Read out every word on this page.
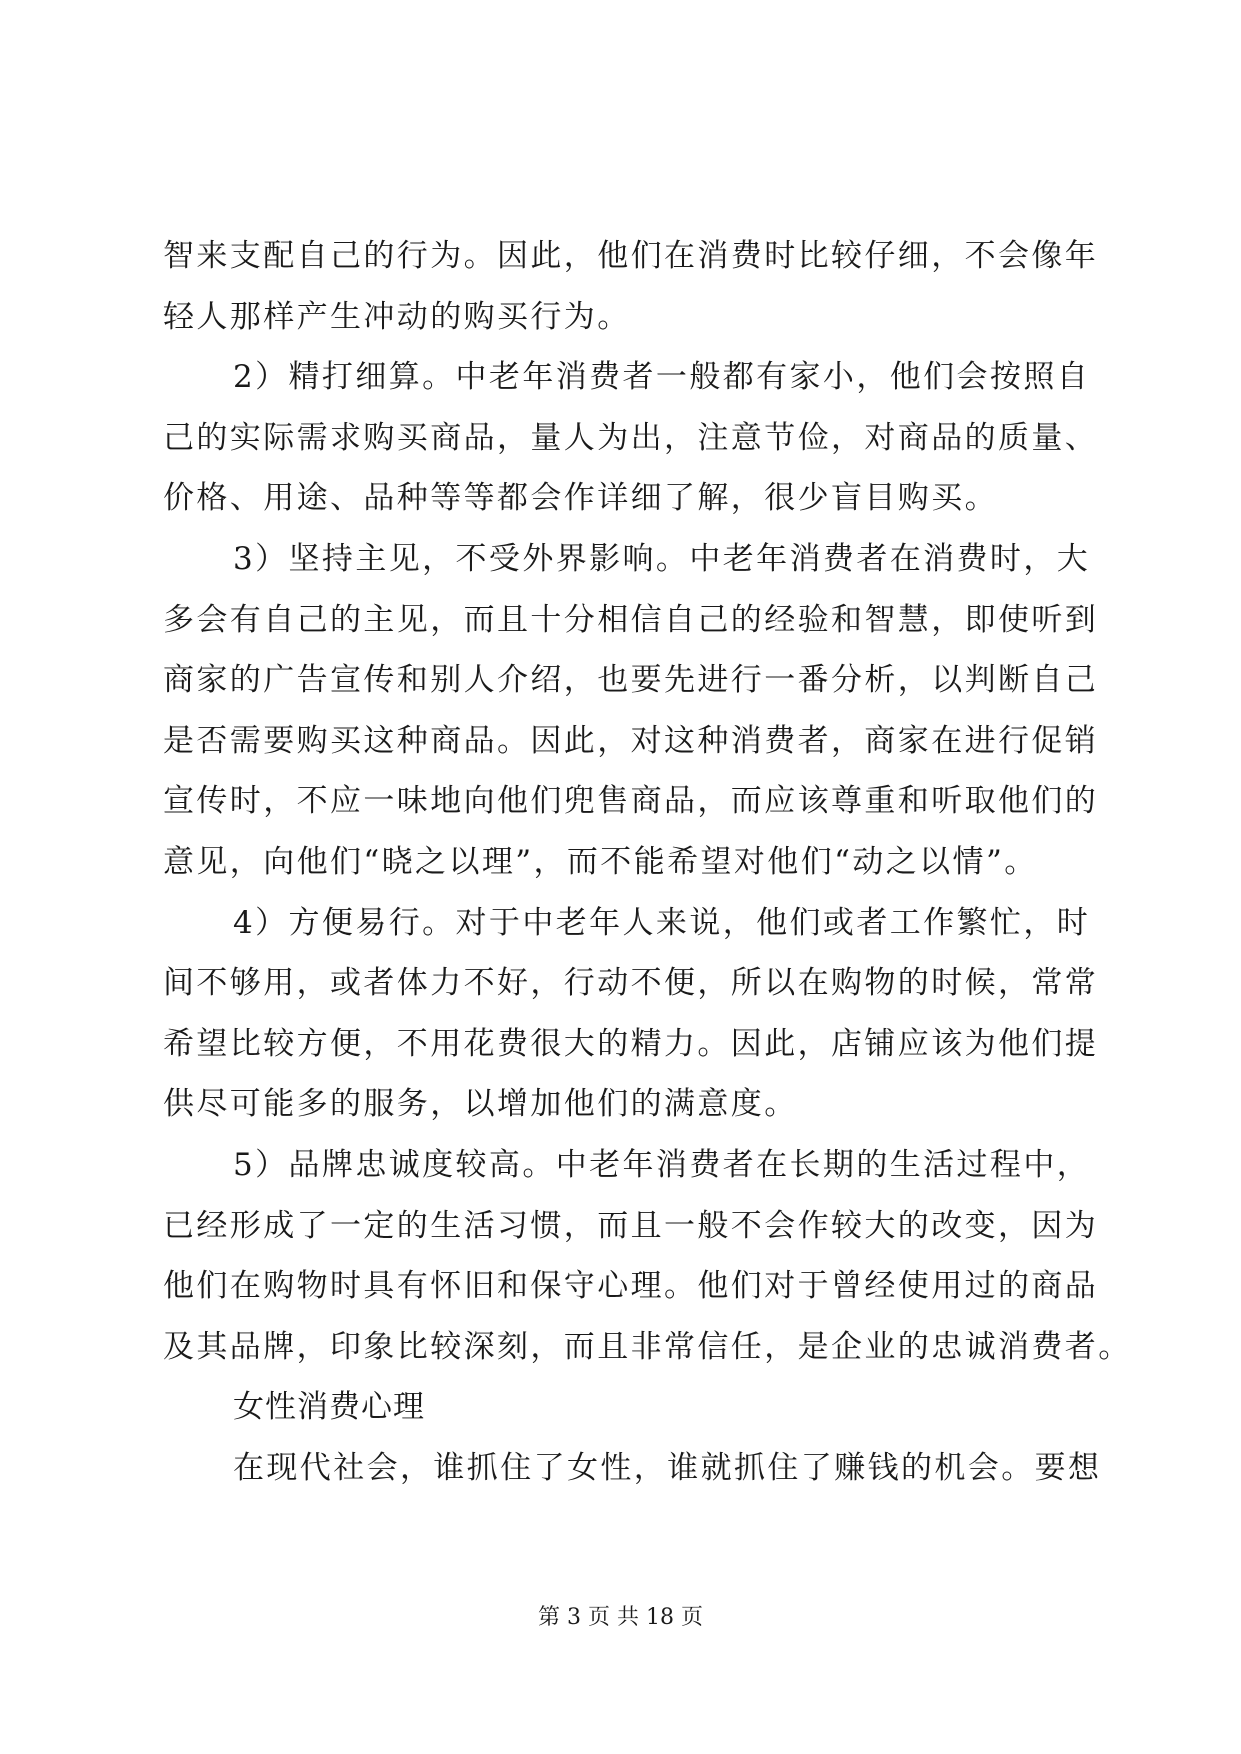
智来支配自己的行为。因此，他们在消费时比较仔细，不会像年
轻人那样产生冲动的购买行为。
2）精打细算。中老年消费者一般都有家小，他们会按照自
己的实际需求购买商品，量人为出，注意节俭，对商品的质量、
价格、用途、品种等等都会作详细了解，很少盲目购买。
3）坚持主见，不受外界影响。中老年消费者在消费时，大
多会有自己的主见，而且十分相信自己的经验和智慧，即使听到
商家的广告宣传和别人介绍，也要先进行一番分析，以判断自己
是否需要购买这种商品。因此，对这种消费者，商家在进行促销
宣传时，不应一味地向他们兜售商品，而应该尊重和听取他们的
意见，向他们“晓之以理”，而不能希望对他们“动之以情”。
4）方便易行。对于中老年人来说，他们或者工作繁忙，时
间不够用，或者体力不好，行动不便，所以在购物的时候，常常
希望比较方便，不用花费很大的精力。因此，店铺应该为他们提
供尽可能多的服务，以增加他们的满意度。
5）品牌忠诚度较高。中老年消费者在长期的生活过程中，
已经形成了一定的生活习惯，而且一般不会作较大的改变，因为
他们在购物时具有怀旧和保守心理。他们对于曾经使用过的商品
及其品牌，印象比较深刻，而且非常信任，是企业的忠诚消费者。
女性消费心理
在现代社会，谁抓住了女性，谁就抓住了赚钱的机会。要想
第 3 页 共 18 页
